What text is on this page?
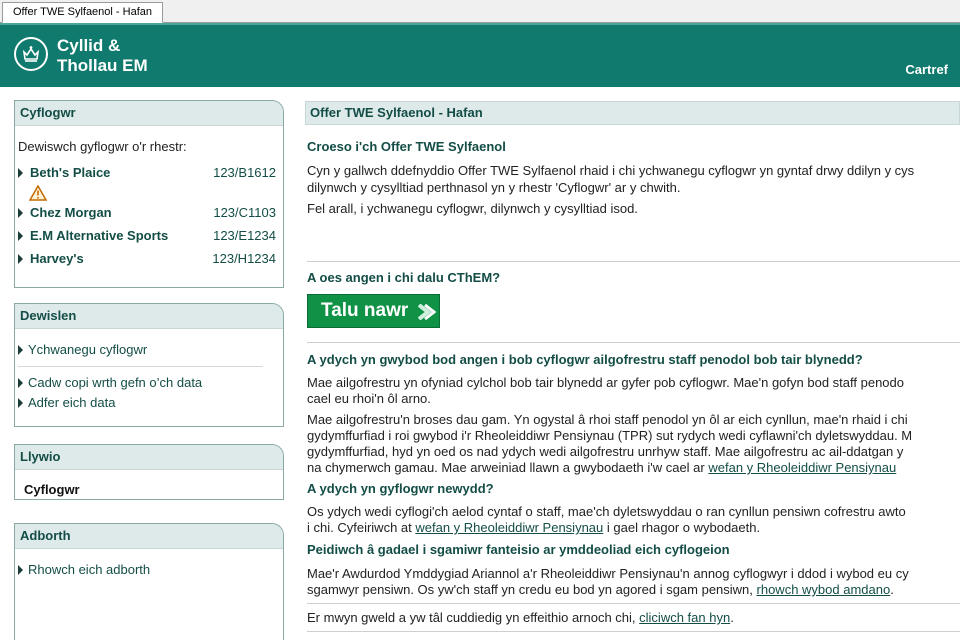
Offer TWE Sylfaenol - Hafan
Cyllid &
Thollau EM	Cartref
Cyflogwr
Dewiswch gyflogwr o'r rhestr:
Beth's Plaice	123/B1612
Chez Morgan	123/C1103
E.M Alternative Sports	123/E1234
Harvey's	123/H1234
Dewislen
Ychwanegu cyflogwr
Cadw copi wrth gefn o’ch data
Adfer eich data
Llywio
Cyflogwr
Adborth
Rhowch eich adborth
Offer TWE Sylfaenol - Hafan
Croeso i'ch Offer TWE Sylfaenol
Cyn y gallwch ddefnyddio Offer TWE Sylfaenol rhaid i chi ychwanegu cyflogwr yn gyntaf drwy ddilyn y cys
dilynwch y cysylltiad perthnasol yn y rhestr 'Cyflogwr' ar y chwith.
Fel arall, i ychwanegu cyflogwr, dilynwch y cysylltiad isod.
A oes angen i chi dalu CThEM?
Talu nawr
A ydych yn gwybod bod angen i bob cyflogwr ailgofrestru staff penodol bob tair blynedd?
Mae ailgofrestru yn ofyniad cylchol bob tair blynedd ar gyfer pob cyflogwr. Mae'n gofyn bod staff penodo
cael eu rhoi'n ôl arno.
Mae ailgofrestru'n broses dau gam. Yn ogystal â rhoi staff penodol yn ôl ar eich cynllun, mae'n rhaid i chi
gydymffurfiad i roi gwybod i'r Rheoleiddiwr Pensiynau (TPR) sut rydych wedi cyflawni'ch dyletswyddau. M
gydymffurfiad, hyd yn oed os nad ydych wedi ailgofrestru unrhyw staff. Mae ailgofrestru ac ail-ddatgan y
na chymerwch gamau. Mae arweiniad llawn a gwybodaeth i'w cael ar wefan y Rheoleiddiwr Pensiynau
A ydych yn gyflogwr newydd?
Os ydych wedi cyflogi'ch aelod cyntaf o staff, mae'ch dyletswyddau o ran cynllun pensiwn cofrestru awto
i chi. Cyfeiriwch at wefan y Rheoleiddiwr Pensiynau i gael rhagor o wybodaeth.
Peidiwch â gadael i sgamiwr fanteisio ar ymddeoliad eich cyflogeion
Mae'r Awdurdod Ymddygiad Ariannol a'r Rheoleiddiwr Pensiynau'n annog cyflogwyr i ddod i wybod eu cy
sgamwyr pensiwn. Os yw'ch staff yn credu eu bod yn agored i sgam pensiwn, rhowch wybod amdano.
Er mwyn gweld a yw tâl cuddiedig yn effeithio arnoch chi, cliciwch fan hyn.
